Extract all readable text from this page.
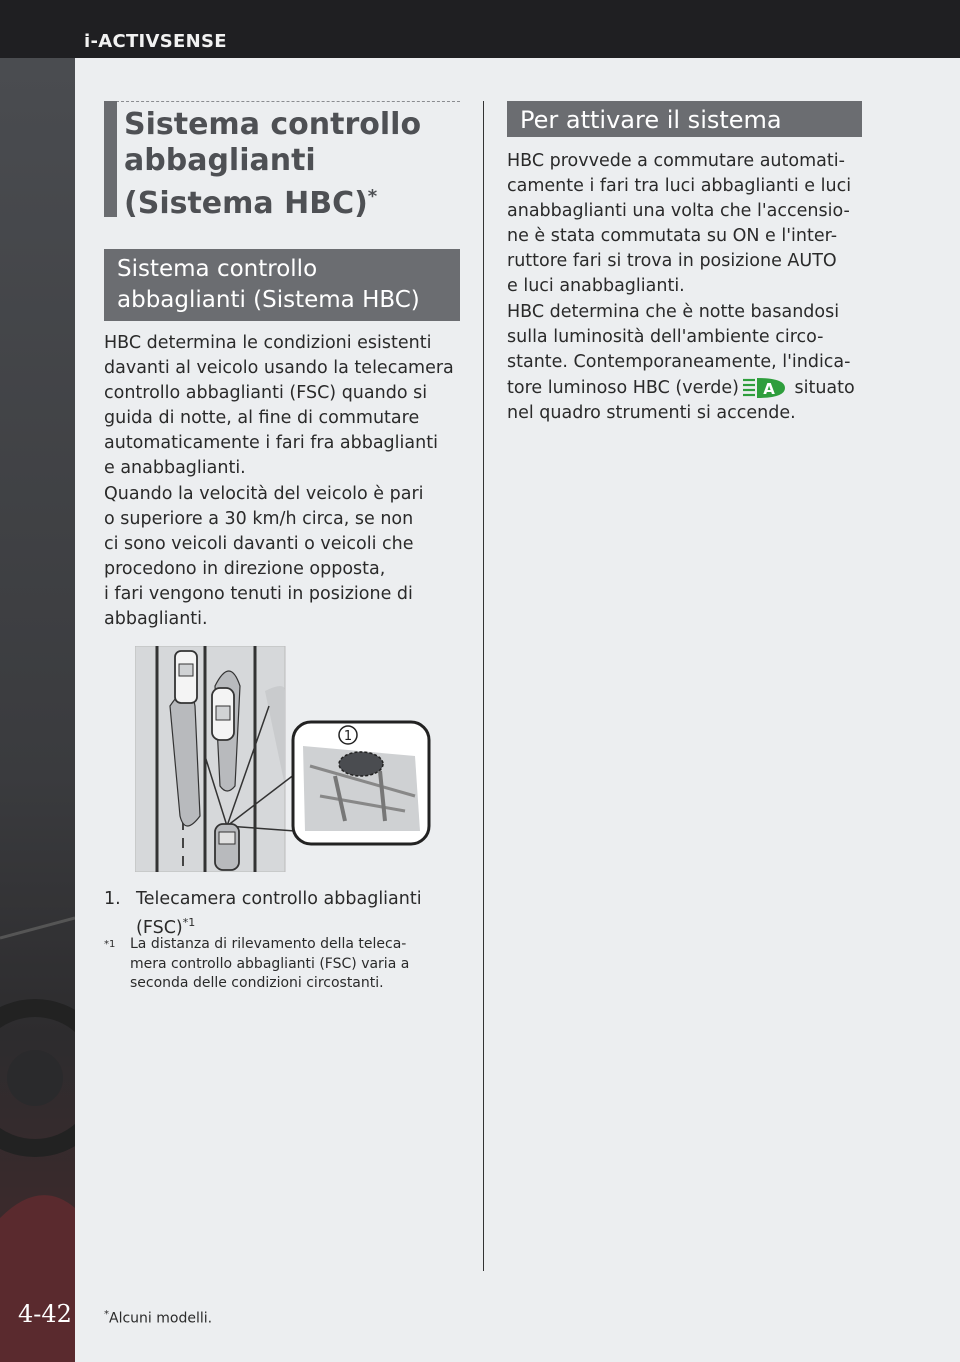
i-ACTIVSENSE
4-42
Sistema controllo
abbaglianti
(Sistema HBC)*
Sistema controllo
abbaglianti (Sistema HBC)

HBC determina le condizioni esistenti
davanti al veicolo usando la telecamera
controllo abbaglianti (FSC) quando si
guida di notte, al fine di commutare
automaticamente i fari fra abbaglianti
e anabbaglianti.
Quando la velocità del veicolo è pari
o superiore a 30 km/h circa, se non
ci sono veicoli davanti o veicoli che
procedono in direzione opposta,
i fari vengono tenuti in posizione di
abbaglianti.

1
1. Telecamera controllo abbaglianti
(FSC)$^{*1}$
$^{*1}$ La distanza di rilevamento della teleca-
mera controllo abbaglianti (FSC) varia a
seconda delle condizioni circostanti.
Per attivare il sistema

HBC provvede a commutare automati-
camente i fari tra luci abbaglianti e luci
anabbaglianti una volta che l'accensio-
ne è stata commutata su ON e l'inter-
ruttore fari si trova in posizione AUTO
e luci anabbaglianti.
HBC determina che è notte basandosi
sulla luminosità dell'ambiente circo-
stante. Contemporaneamente, l'indica-
tore luminoso HBC (verde) A situato
nel quadro strumenti si accende.

*Alcuni modelli.
